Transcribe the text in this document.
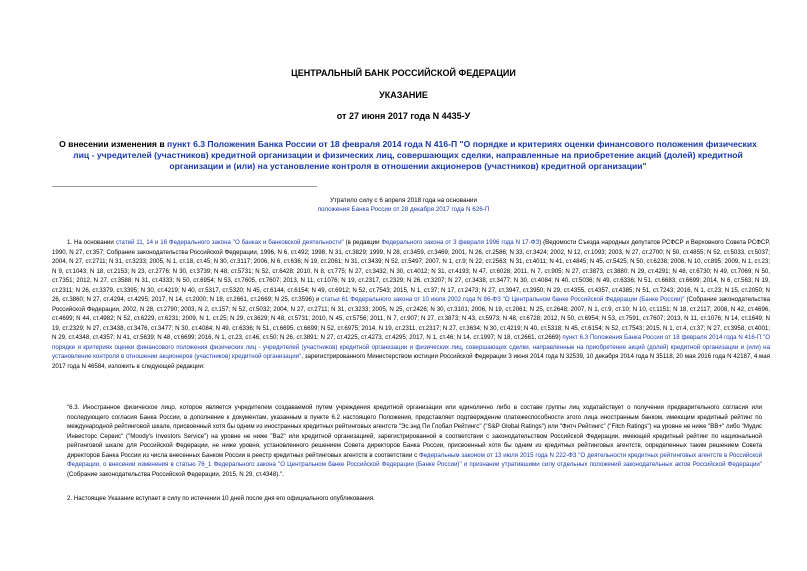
ЦЕНТРАЛЬНЫЙ БАНК РОССИЙСКОЙ ФЕДЕРАЦИИ
УКАЗАНИЕ
от 27 июня 2017 года N 4435-У
О внесении изменения в пункт 6.3 Положения Банка России от 18 февраля 2014 года N 416-П "О порядке и критериях оценки финансового положения физических лиц - учредителей (участников) кредитной организации и физических лиц, совершающих сделки, направленные на приобретение акций (долей) кредитной организации и (или) на установление контроля в отношении акционеров (участников) кредитной организации"
Утратило силу с 6 апреля 2018 года на основании
положения Банка России от 28 декабря 2017 года N 626-П

1. На основании статей 11, 14 и 16 Федерального закона "О банках и банковской деятельности" (в редакции Федерального закона от 3 февраля 1996 года N 17-ФЗ) (Ведомости Съезда народных депутатов РСФСР и Верховного Совета РСФСР, 1990, N 27, ст.357; Собрание законодательства Российской Федерации, 1996, N 6, ст.492; 1998, N 31, ст.3829; 1999, N 28, ст.3459, ст.3469; 2001, N 26, ст.2586; N 33, ст.3424; 2002, N 12, ст.1093; 2003, N 27, ст.2700; N 50, ст.4855; N 52, ст.5033, ст.5037; 2004, N 27, ст.2711; N 31, ст.3233; 2005, N 1, ст.18, ст.45; N 30, ст.3117; 2006, N 6, ст.636; N 19, ст.2061; N 31, ст.3439; N 52, ст.5497; 2007, N 1, ст.9; N 22, ст.2563; N 31, ст.4011; N 41, ст.4845; N 45, ст.5425; N 50, ст.6238; 2008, N 10, ст.895; 2009, N 1, ст.23; N 9, ст.1043; N 18, ст.2153; N 23, ст.2776; N 30, ст.3739; N 48, ст.5731; N 52, ст.6428; 2010, N 8, ст.775; N 27, ст.3432; N 30, ст.4012; N 31, ст.4193; N 47, ст.6028; 2011, N 7, ст.905; N 27, ст.3873, ст.3880; N 29, ст.4291; N 48, ст.6730; N 49, ст.7069; N 50, ст.7351; 2012, N 27, ст.3588; N 31, ст.4333; N 50, ст.6954; N 53, ст.7605, ст.7607; 2013, N 11, ст.1076; N 19, ст.2317, ст.2329; N 26, ст.3207; N 27, ст.3438, ст.3477; N 30, ст.4084; N 40, ст.5036; N 49, ст.6336; N 51, ст.6683, ст.6699; 2014, N 6, ст.563; N 19, ст.2311; N 26, ст.3379, ст.3395; N 30, ст.4219; N 40, ст.5317, ст.5320; N 45, ст.6144, ст.6154; N 49, ст.6912; N 52, ст.7543; 2015, N 1, ст.37; N 17, ст.2473; N 27, ст.3947, ст.3950; N 29, ст.4355, ст.4357, ст.4385; N 51, ст.7243; 2016, N 1, ст.23; N 15, ст.2050; N 26, ст.3860; N 27, ст.4294, ст.4295; 2017, N 14, ст.2000; N 18, ст.2661, ст.2669; N 25, ст.3596) и статьи 61 Федерального закона от 10 июля 2002 года N 86-ФЗ "О Центральном банке Российской Федерации (Банке России)" (Собрание законодательства Российской Федерации, 2002, N 28, ст.2790; 2003, N 2, ст.157; N 52, ст.5032; 2004, N 27, ст.2711; N 31, ст.3233; 2005, N 25, ст.2426; N 30, ст.3101; 2006, N 19, ст.2061; N 25, ст.2648; 2007, N 1, ст.9, ст.10; N 10, ст.1151; N 18, ст.2117; 2008, N 42, ст.4696, ст.4699; N 44, ст.4982; N 52, ст.6229, ст.6231; 2009, N 1, ст.25; N 29, ст.3629; N 48, ст.5731; 2010, N 45, ст.5756; 2011, N 7, ст.907; N 27, ст.3873; N 43, ст.5973; N 48, ст.6728; 2012, N 50, ст.6954; N 53, ст.7591, ст.7607; 2013, N 11, ст.1076; N 14, ст.1649; N 19, ст.2329; N 27, ст.3438, ст.3476, ст.3477; N 30, ст.4084; N 49, ст.6336; N 51, ст.6695, ст.6699; N 52, ст.6975; 2014, N 19, ст.2311, ст.2317; N 27, ст.3634; N 30, ст.4219; N 40, ст.5318; N 45, ст.6154; N 52, ст.7543; 2015, N 1, ст.4, ст.37; N 27, ст.3958, ст.4001; N 29, ст.4348, ст.4357; N 41, ст.5639; N 48, ст.6699; 2016, N 1, ст.23, ст.46, ст.50; N 26, ст.3891; N 27, ст.4225, ст.4273, ст.4295; 2017, N 1, ст.46; N 14, ст.1997; N 18, ст.2661, ст.2669) пункт 6.3 Положения Банка России от 18 февраля 2014 года N 416-П "О порядке и критериях оценки финансового положения физических лиц - учредителей (участников) кредитной организации и физических лиц, совершающих сделки, направленные на приобретение акций (долей) кредитной организации и (или) на установление контроля в отношении акционеров (участников) кредитной организации", зарегистрированного Министерством юстиции Российской Федерации 3 июня 2014 года N 32539, 10 декабря 2014 года N 35118, 20 мая 2016 года N 42187, 4 мая 2017 года N 46584, изложить в следующей редакции:

"6.3. Иностранное физическое лицо, которое является учредителем создаваемой путем учреждения кредитной организации или единолично либо в составе группы лиц ходатайствует о получении предварительного согласия или последующего согласия Банка России, в дополнение к документам, указанным в пункте 6.2 настоящего Положения, представляет подтверждение платежеспособности этого лица иностранным банком, имеющим кредитный рейтинг по международной рейтинговой шкале, присвоенный хотя бы одним из иностранных кредитных рейтинговых агентств "Эс энд Пи Глобал Рейтингс" ("S&P Global Ratings") или "Фитч Рейтингс" ("Fitch Ratings") на уровне не ниже "BB+" либо "Мудис Инвесторс Сервис" ("Moody's Investors Service") на уровне не ниже "Ba2" или кредитной организацией, зарегистрированной в соответствии с законодательством Российской Федерации, имеющей кредитный рейтинг по национальной рейтинговой шкале для Российской Федерации, не ниже уровня, установленного решением Совета директоров Банка России, присвоенный хотя бы одним из кредитных рейтинговых агентств, определенных таким решением Совета директоров Банка России из числа внесенных Банком России в реестр кредитных рейтинговых агентств в соответствии с Федеральным законом от 13 июля 2015 года N 222-ФЗ "О деятельности кредитных рейтинговых агентств в Российской Федерации, о внесении изменения в статью 76_1 Федерального закона "О Центральном банке Российской Федерации (Банке России)" и признании утратившими силу отдельных положений законодательных актов Российской Федерации" (Собрание законодательства Российской Федерации, 2015, N 29, ст.4348).".

2. Настоящее Указание вступает в силу по истечении 10 дней после дня его официального опубликования.
